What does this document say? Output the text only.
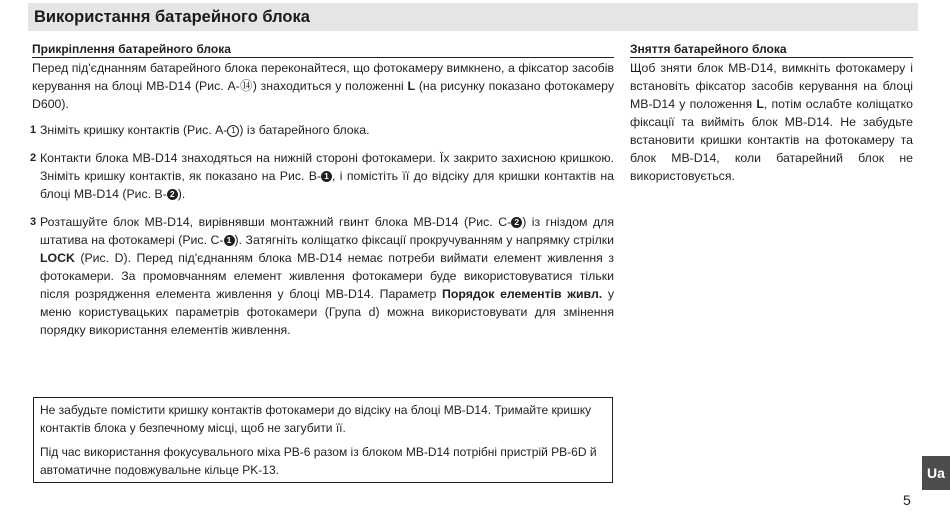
Використання батарейного блока
Прикріплення батарейного блока

Перед під'єднанням батарейного блока переконайтеся, що фотокамеру вимкнено, а фіксатор засобів керування на блоці MB-D14 (Рис. A-⑭) знаходиться у положенні L (на рисунку показано фотокамеру D600).

1 Зніміть кришку контактів (Рис. A- 1 ) із батарейного блока.

2 Контакти блока MB-D14 знаходяться на нижній стороні фотокамери. Їх закрито захисною кришкою. Зніміть кришку контактів, як показано на Рис. B- 1 , і помістіть її до відсіку для кришки контактів на блоці MB-D14 (Рис. B- 2 ).

3 Розташуйте блок MB-D14, вирівнявши монтажний гвинт блока MB-D14 (Рис. C- 2 ) із гніздом для штатива на фотокамері (Рис. C- 1 ). Затягніть коліщатко фіксації прокручуванням у напрямку стрілки LOCK (Рис. D). Перед під'єднанням блока MB-D14 немає потреби виймати елемент живлення з фотокамери. За промовчанням елемент живлення фотокамери буде використовуватися тільки після розрядження елемента живлення у блоці MB-D14. Параметр Порядок елементів живл. у меню користувацьких параметрів фотокамери (Група d) можна використовувати для змінення порядку використання елементів живлення.

Зняття батарейного блока

Щоб зняти блок MB-D14, вимкніть фотокамеру і встановіть фіксатор засобів керування на блоці MB-D14 у положення L, потім ослабте коліщатко фіксації та вийміть блок MB-D14. Не забудьте встановити кришки контактів на фотокамеру та блок MB-D14, коли батарейний блок не використовується.

Не забудьте помістити кришку контактів фотокамери до відсіку на блоці MB-D14. Тримайте кришку контактів блока у безпечному місці, щоб не загубити її.

Під час використання фокусувального міха PB-6 разом із блоком MB-D14 потрібні пристрій PB-6D й автоматичне подовжувальне кільце PK-13.	Ua
5
